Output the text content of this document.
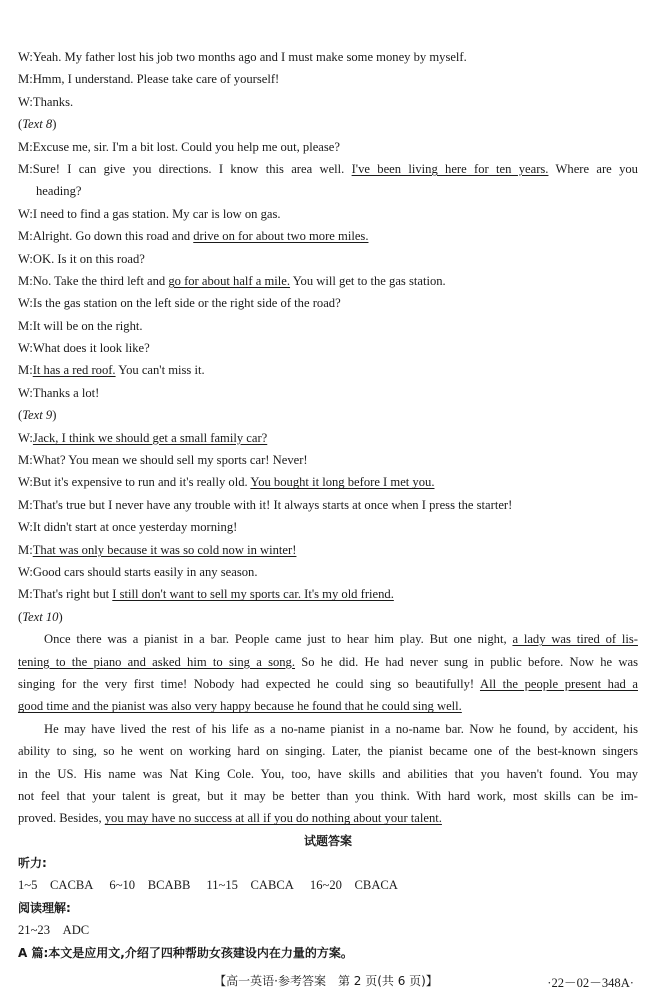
W:Yeah. My father lost his job two months ago and I must make some money by myself.
M:Hmm, I understand. Please take care of yourself!
W:Thanks.
(Text 8)
M:Excuse me, sir. I'm a bit lost. Could you help me out, please?
M:Sure! I can give you directions. I know this area well. I've been living here for ten years. Where are you
heading?
W:I need to find a gas station. My car is low on gas.
M:Alright. Go down this road and drive on for about two more miles.
W:OK. Is it on this road?
M:No. Take the third left and go for about half a mile. You will get to the gas station.
W:Is the gas station on the left side or the right side of the road?
M:It will be on the right.
W:What does it look like?
M:It has a red roof. You can't miss it.
W:Thanks a lot!
(Text 9)
W:Jack, I think we should get a small family car?
M:What? You mean we should sell my sports car! Never!
W:But it's expensive to run and it's really old. You bought it long before I met you.
M:That's true but I never have any trouble with it! It always starts at once when I press the starter!
W:It didn't start at once yesterday morning!
M:That was only because it was so cold now in winter!
W:Good cars should starts easily in any season.
M:That's right but I still don't want to sell my sports car. It's my old friend.
(Text 10)
Once there was a pianist in a bar. People came just to hear him play. But one night, a lady was tired of lis-
tening to the piano and asked him to sing a song. So he did. He had never sung in public before. Now he was
singing for the very first time! Nobody had expected he could sing so beautifully! All the people present had a
good time and the pianist was also very happy because he found that he could sing well.
He may have lived the rest of his life as a no-name pianist in a no-name bar. Now he found, by accident, his
ability to sing, so he went on working hard on singing. Later, the pianist became one of the best-known singers
in the US. His name was Nat King Cole. You, too, have skills and abilities that you haven't found. You may
not feel that your talent is great, but it may be better than you think. With hard work, most skills can be im-
proved. Besides, you may have no success at all if you do nothing about your talent.
试题答案
听力:
1~5　CACBA 6~10　BCABB 11~15　CABCA 16~20　CBACA
阅读理解:
21~23　ADC
A 篇:本文是应用文,介绍了四种帮助女孩建设内在力量的方案。
【高一英语·参考答案　第 2 页(共 6 页)】	·22－02－348A·
